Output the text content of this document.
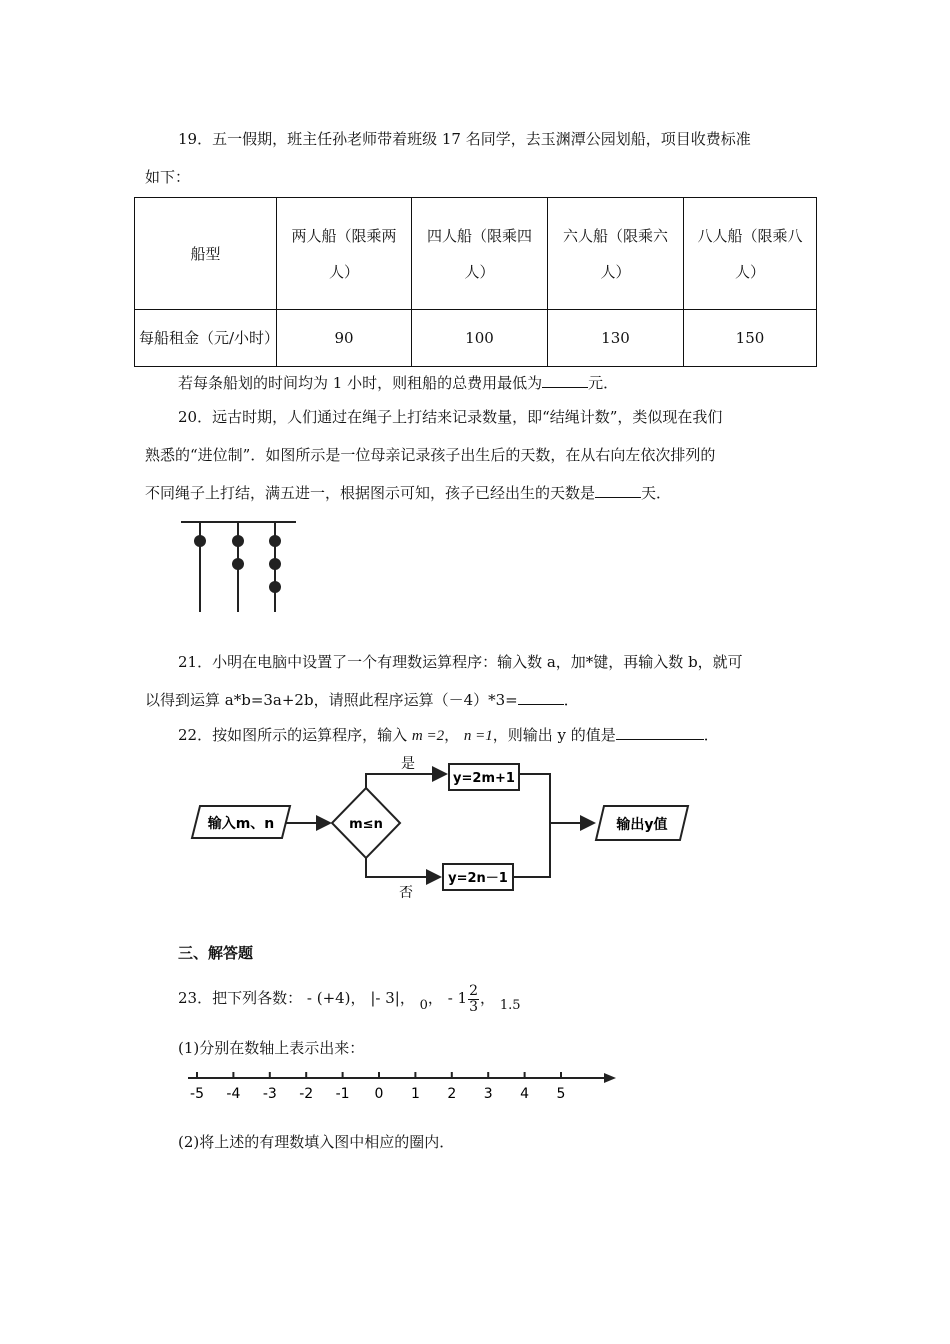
19．五一假期，班主任孙老师带着班级 17 名同学，去玉渊潭公园划船，项目收费标准
如下：
船型	两人船（限乘两人）	四人船（限乘四人）	六人船（限乘六人）	八人船（限乘八人）
每船租金（元/小时）	90	100	130	150
若每条船划的时间均为 1 小时，则租船的总费用最低为	元．
20．远古时期，人们通过在绳子上打结来记录数量，即“结绳计数”，类似现在我们
熟悉的“进位制”．如图所示是一位母亲记录孩子出生后的天数，在从右向左依次排列的
不同绳子上打结，满五进一，根据图示可知，孩子已经出生的天数是	天．
21．小明在电脑中设置了一个有理数运算程序：输入数 a，加*键，再输入数 b，就可
以得到运算 a*b=3a+2b，请照此程序运算（－4）*3=	．
22．按如图所示的运算程序，输入 m =2， n =1，则输出 y 的值是	．
输入m、n	m≤n
是
y=2m+1
否
y=2n－1
输出y值
三、解答题
23．把下列各数： - (+4)， |- 3|， 0， - $1 \frac{2}{3}$ ， 1.5
(1)分别在数轴上表示出来：
-5 -4 -3 -2 -1 0 1 2 3 4 5
(2)将上述的有理数填入图中相应的圈内．
